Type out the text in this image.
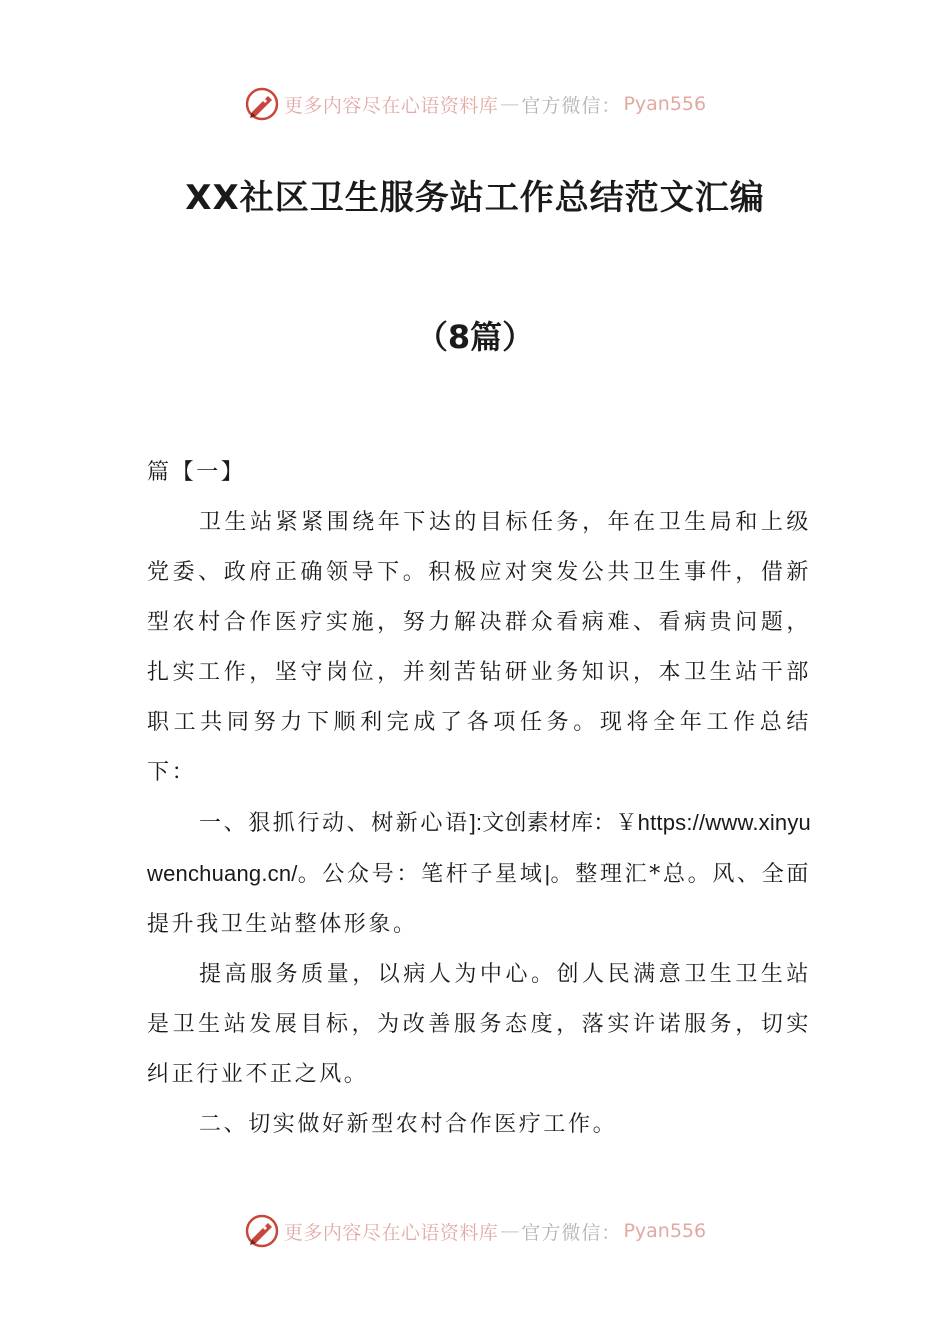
更多内容尽在心语资料库 — 官方微信： Pyan556
XX社区卫生服务站工作总结范文汇编
（8篇）

篇【一】

卫生站紧紧围绕年下达的目标任务，年在卫生局和上级党委、政府正确领导下。积极应对突发公共卫生事件，借新型农村合作医疗实施，努力解决群众看病难、看病贵问题，扎实工作，坚守岗位，并刻苦钻研业务知识，本卫生站干部职工共同努力下顺利完成了各项任务。现将全年工作总结下：

一、狠抓行动、树新心语]:文创素材库：￥https://www.xinyuwenchuang.cn/。公众号：笔杆子星域|。整理汇*总。风、全面提升我卫生站整体形象。

提高服务质量，以病人为中心。创人民满意卫生卫生站是卫生站发展目标，为改善服务态度，落实许诺服务，切实纠正行业不正之风。

二、切实做好新型农村合作医疗工作。

更多内容尽在心语资料库 — 官方微信： Pyan556
